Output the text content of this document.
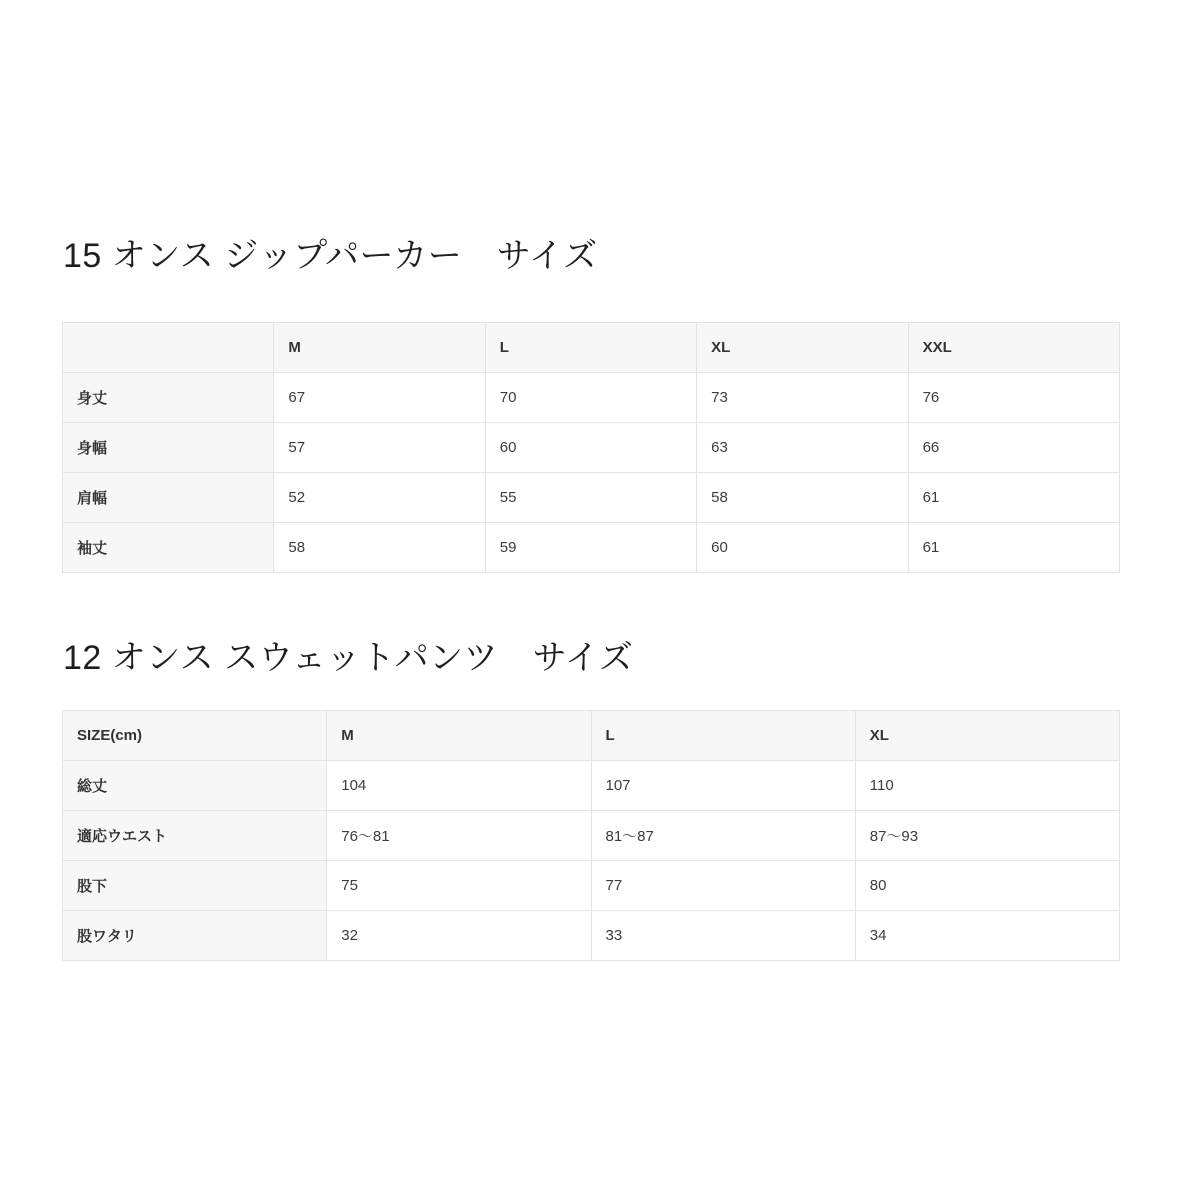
15 オンス ジップパーカー　サイズ
	M	L	XL	XXL
身丈	67	70	73	76
身幅	57	60	63	66
肩幅	52	55	58	61
袖丈	58	59	60	61
12 オンス スウェットパンツ　サイズ
SIZE(cm)	M	L	XL
総丈	104	107	110
適応ウエスト	76〜81	81〜87	87〜93
股下	75	77	80
股ワタリ	32	33	34
